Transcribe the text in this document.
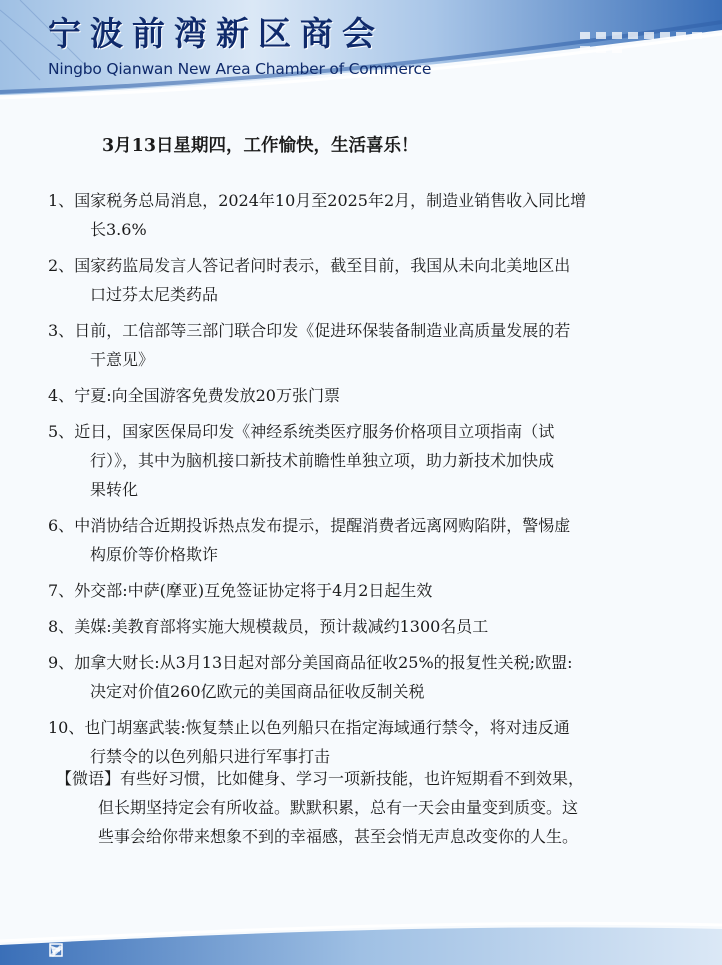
宁波前湾新区商会
Ningbo Qianwan New Area Chamber of Commerce
3月13日星期四，工作愉快，生活喜乐！
1、国家税务总局消息，2024年10月至2025年2月，制造业销售收入同比增
长3.6%
2、国家药监局发言人答记者问时表示，截至目前，我国从未向北美地区出
口过芬太尼类药品
3、日前，工信部等三部门联合印发《促进环保装备制造业高质量发展的若
干意见》
4、宁夏:向全国游客免费发放20万张门票
5、近日，国家医保局印发《神经系统类医疗服务价格项目立项指南（试
行）》，其中为脑机接口新技术前瞻性单独立项，助力新技术加快成
果转化
6、中消协结合近期投诉热点发布提示，提醒消费者远离网购陷阱，警惕虚
构原价等价格欺诈
7、外交部:中萨(摩亚)互免签证协定将于4月2日起生效
8、美媒:美教育部将实施大规模裁员，预计裁减约1300名员工
9、加拿大财长:从3月13日起对部分美国商品征收25%的报复性关税;欧盟:
决定对价值260亿欧元的美国商品征收反制关税
10、也门胡塞武装:恢复禁止以色列船只在指定海域通行禁令，将对违反通
行禁令的以色列船只进行军事打击
【微语】有些好习惯，比如健身、学习一项新技能，也许短期看不到效果，
但长期坚持定会有所收益。默默积累，总有一天会由量变到质变。这
些事会给你带来想象不到的幸福感，甚至会悄无声息改变你的人生。
